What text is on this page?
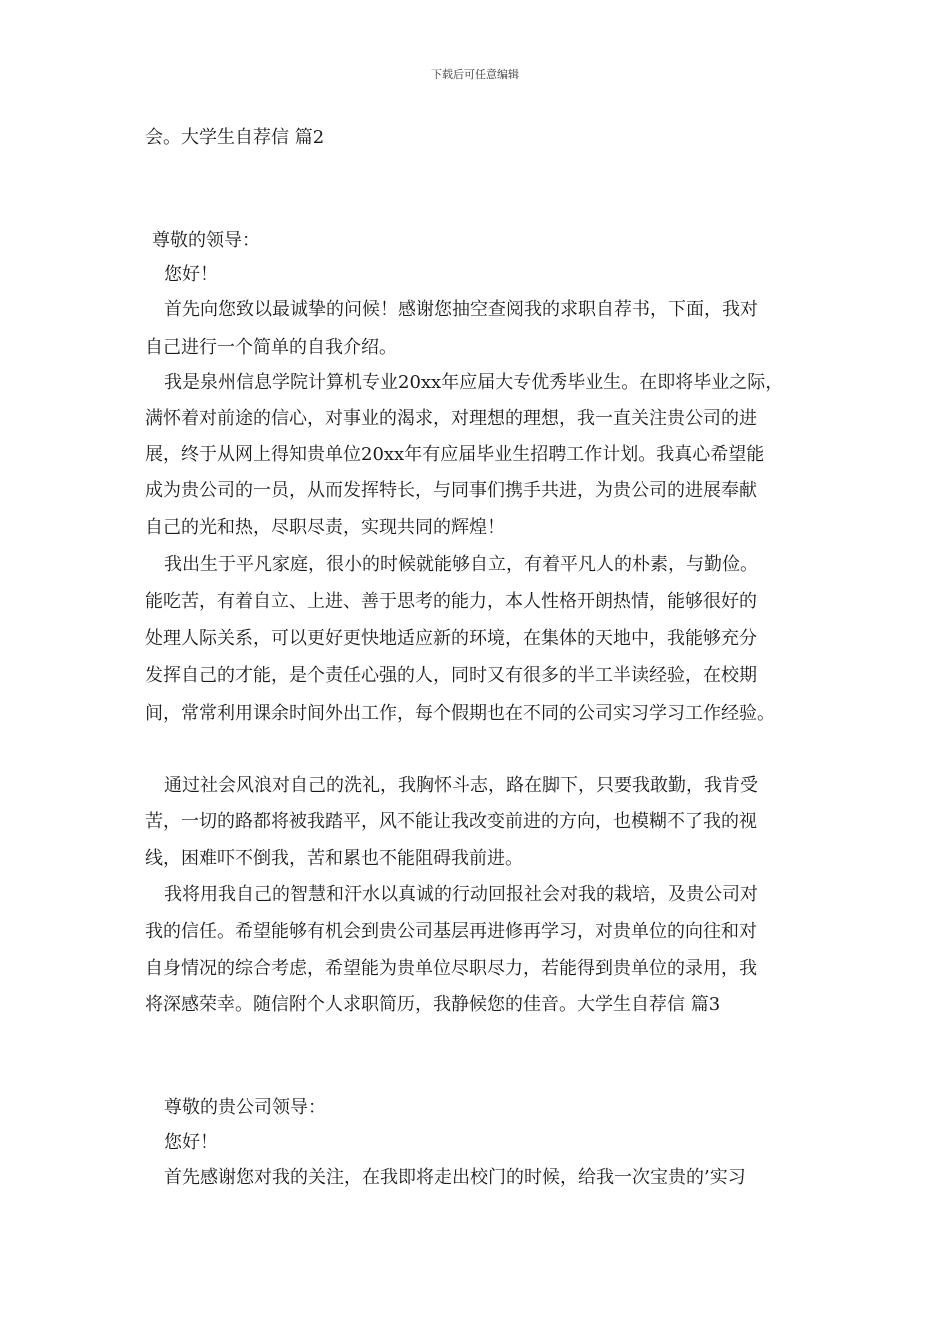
下载后可任意编辑
会。大学生自荐信 篇2
尊敬的领导：
您好！
首先向您致以最诚挚的问候！感谢您抽空查阅我的求职自荐书，下面，我对
自己进行一个简单的自我介绍。
我是泉州信息学院计算机专业20xx年应届大专优秀毕业生。在即将毕业之际，
满怀着对前途的信心，对事业的渴求，对理想的理想，我一直关注贵公司的进
展，终于从网上得知贵单位20xx年有应届毕业生招聘工作计划。我真心希望能
成为贵公司的一员，从而发挥特长，与同事们携手共进，为贵公司的进展奉献
自己的光和热，尽职尽责，实现共同的辉煌！
我出生于平凡家庭，很小的时候就能够自立，有着平凡人的朴素，与勤俭。
能吃苦，有着自立、上进、善于思考的能力，本人性格开朗热情，能够很好的
处理人际关系，可以更好更快地适应新的环境，在集体的天地中，我能够充分
发挥自己的才能，是个责任心强的人，同时又有很多的半工半读经验，在校期
间，常常利用课余时间外出工作，每个假期也在不同的公司实习学习工作经验。
通过社会风浪对自己的洗礼，我胸怀斗志，路在脚下，只要我敢勤，我肯受
苦，一切的路都将被我踏平，风不能让我改变前进的方向，也模糊不了我的视
线，困难吓不倒我，苦和累也不能阻碍我前进。
我将用我自己的智慧和汗水以真诚的行动回报社会对我的栽培，及贵公司对
我的信任。希望能够有机会到贵公司基层再进修再学习，对贵单位的向往和对
自身情况的综合考虑，希望能为贵单位尽职尽力，若能得到贵单位的录用，我
将深感荣幸。随信附个人求职简历，我静候您的佳音。大学生自荐信 篇3
尊敬的贵公司领导：
您好！
首先感谢您对我的关注，在我即将走出校门的时候，给我一次宝贵的’实习
